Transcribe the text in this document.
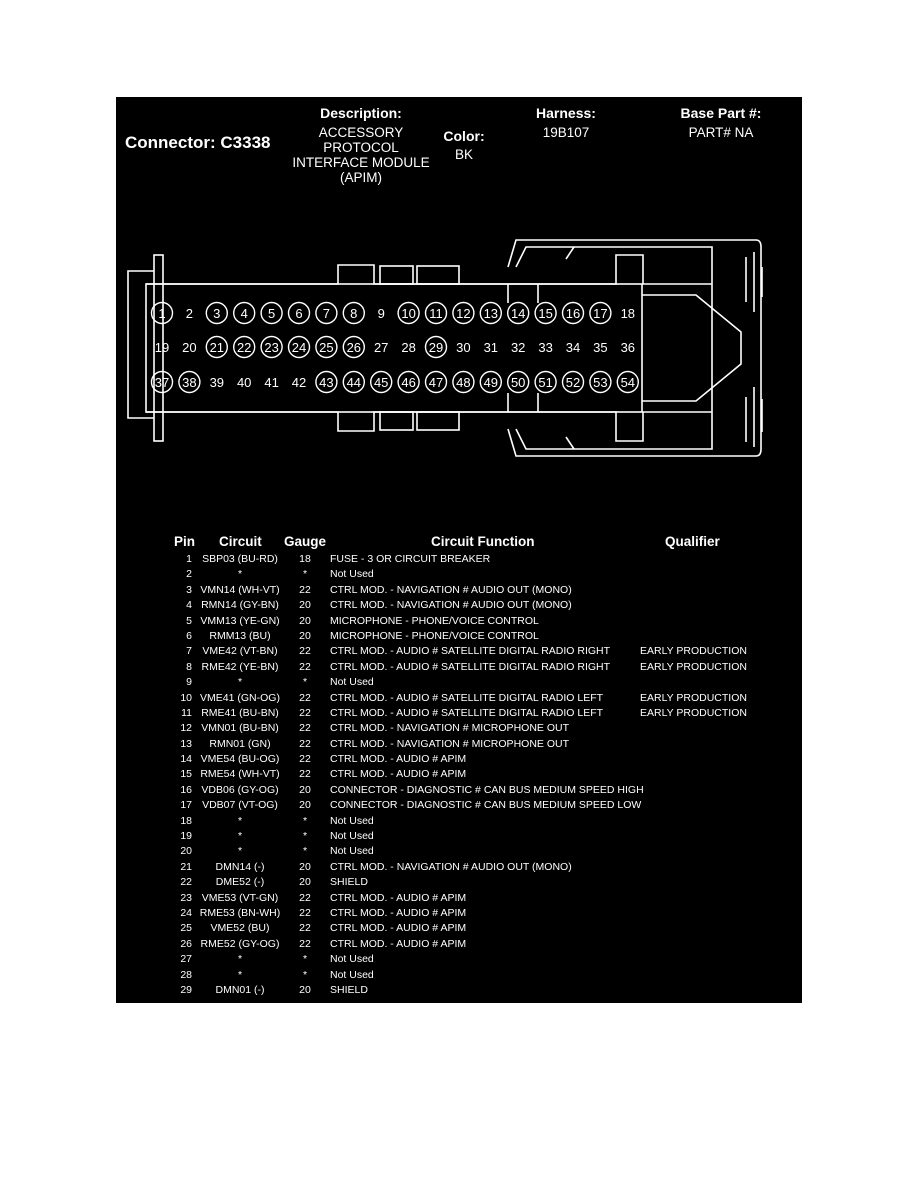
Connector: C3338
Description:
ACCESSORY
PROTOCOL
INTERFACE MODULE
(APIM)
Color:
BK
Harness:
19B107
Base Part #:
PART# NA
1 2 3 4 5 6 7 8 9 10 11 12 13 14 15 16 17 18
19 20 21 22 23 24 25 26 27 28 29 30 31 32 33 34 35 36
37 38 39 40 41 42 43 44 45 46 47 48 49 50 51 52 53 54
Pin Circuit Gauge	Circuit Function	Qualifier
1 SBP03 (BU-RD)	18	FUSE - 3 OR CIRCUIT BREAKER
2	*	*	Not Used
3 VMN14 (WH-VT)	22	CTRL MOD. - NAVIGATION # AUDIO OUT (MONO)
4 RMN14 (GY-BN)	20	CTRL MOD. - NAVIGATION # AUDIO OUT (MONO)
5 VMM13 (YE-GN)	20	MICROPHONE - PHONE/VOICE CONTROL
6	RMM13 (BU)	20	MICROPHONE - PHONE/VOICE CONTROL
7 VME42 (VT-BN)	22	CTRL MOD. - AUDIO # SATELLITE DIGITAL RADIO RIGHT	EARLY PRODUCTION
8 RME42 (YE-BN)	22	CTRL MOD. - AUDIO # SATELLITE DIGITAL RADIO RIGHT	EARLY PRODUCTION
9	*	*	Not Used
10 VME41 (GN-OG)	22	CTRL MOD. - AUDIO # SATELLITE DIGITAL RADIO LEFT	EARLY PRODUCTION
11 RME41 (BU-BN)	22	CTRL MOD. - AUDIO # SATELLITE DIGITAL RADIO LEFT	EARLY PRODUCTION
12 VMN01 (BU-BN)	22	CTRL MOD. - NAVIGATION # MICROPHONE OUT
13	RMN01 (GN)	22	CTRL MOD. - NAVIGATION # MICROPHONE OUT
14 VME54 (BU-OG)	22	CTRL MOD. - AUDIO # APIM
15 RME54 (WH-VT)	22	CTRL MOD. - AUDIO # APIM
16 VDB06 (GY-OG)	20	CONNECTOR - DIAGNOSTIC # CAN BUS MEDIUM SPEED HIGH
17 VDB07 (VT-OG)	20	CONNECTOR - DIAGNOSTIC # CAN BUS MEDIUM SPEED LOW
18	*	*	Not Used
19	*	*	Not Used
20	*	*	Not Used
21	DMN14 (-)	20	CTRL MOD. - NAVIGATION # AUDIO OUT (MONO)
22	DME52 (-)	20	SHIELD
23 VME53 (VT-GN)	22	CTRL MOD. - AUDIO # APIM
24 RME53 (BN-WH)	22	CTRL MOD. - AUDIO # APIM
25	VME52 (BU)	22	CTRL MOD. - AUDIO # APIM
26 RME52 (GY-OG)	22	CTRL MOD. - AUDIO # APIM
27	*	*	Not Used
28	*	*	Not Used
29	DMN01 (-)	20	SHIELD
